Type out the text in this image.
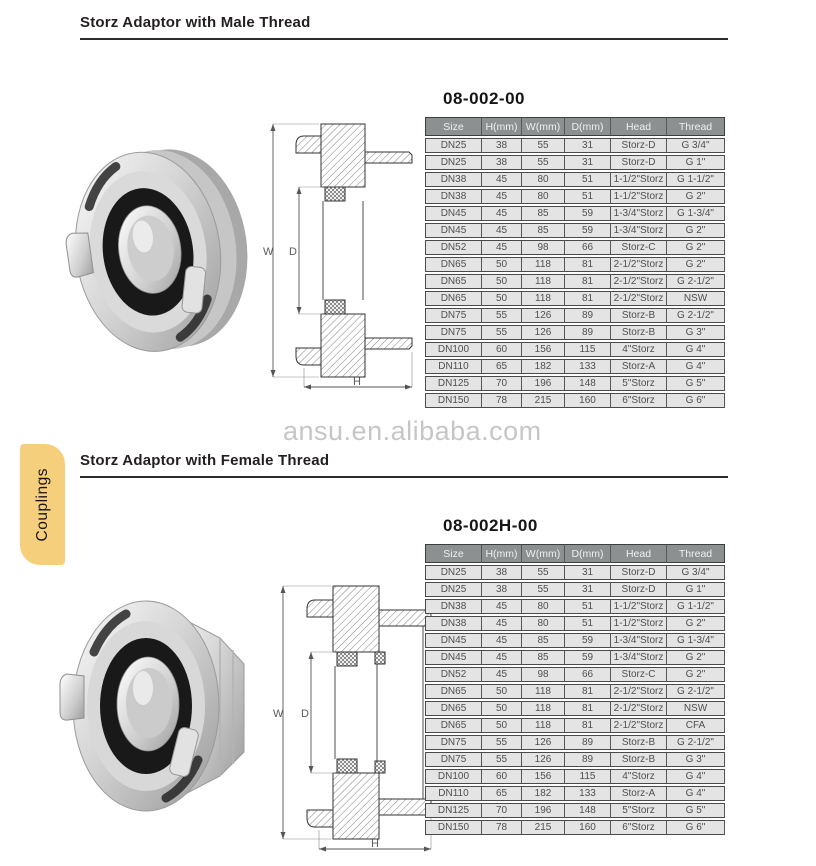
Storz Adaptor with Male Thread
W D
H
08-002-00
Size	H(mm)	W(mm)	D(mm)	Head	Thread
DN25	38	55	31	Storz-D	G 3/4"
DN25	38	55	31	Storz-D	G 1"
DN38	45	80	51	1-1/2"Storz	G 1-1/2"
DN38	45	80	51	1-1/2"Storz	G 2"
DN45	45	85	59	1-3/4"Storz	G 1-3/4"
DN45	45	85	59	1-3/4"Storz	G 2"
DN52	45	98	66	Storz-C	G 2"
DN65	50	118	81	2-1/2"Storz	G 2"
DN65	50	118	81	2-1/2"Storz	G 2-1/2"
DN65	50	118	81	2-1/2"Storz	NSW
DN75	55	126	89	Storz-B	G 2-1/2"
DN75	55	126	89	Storz-B	G 3"
DN100	60	156	115	4"Storz	G 4"
DN110	65	182	133	Storz-A	G 4"
DN125	70	196	148	5"Storz	G 5"
DN150	78	215	160	6"Storz	G 6"
ansu.en.alibaba.com
Couplings
Storz Adaptor with Female Thread
W D
H
08-002H-00
Size	H(mm)	W(mm)	D(mm)	Head	Thread
DN25	38	55	31	Storz-D	G 3/4"
DN25	38	55	31	Storz-D	G 1"
DN38	45	80	51	1-1/2"Storz	G 1-1/2"
DN38	45	80	51	1-1/2"Storz	G 2"
DN45	45	85	59	1-3/4"Storz	G 1-3/4"
DN45	45	85	59	1-3/4"Storz	G 2"
DN52	45	98	66	Storz-C	G 2"
DN65	50	118	81	2-1/2"Storz	G 2-1/2"
DN65	50	118	81	2-1/2"Storz	NSW
DN65	50	118	81	2-1/2"Storz	CFA
DN75	55	126	89	Storz-B	G 2-1/2"
DN75	55	126	89	Storz-B	G 3"
DN100	60	156	115	4"Storz	G 4"
DN110	65	182	133	Storz-A	G 4"
DN125	70	196	148	5"Storz	G 5"
DN150	78	215	160	6"Storz	G 6"
